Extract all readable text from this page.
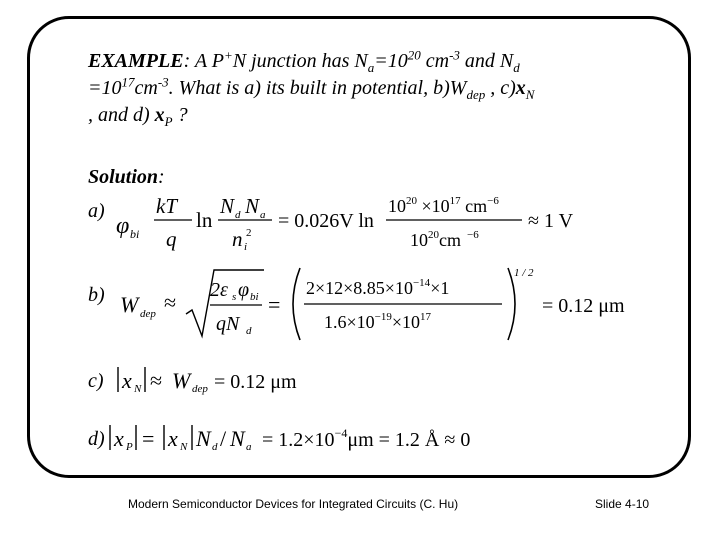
EXAMPLE: A P+N junction has $N_a=10^{20}$ $cm^{-3}$ and $N_d$
$=10^{17}cm^{-3}$. What is a) its built in potential, $b)W_{dep}$ , $c)x_N$
, and d) $x_P$ ?
Solution:
a)
b)
c)
d)
φ bi
kT
q
ln
N d N a
n i
2
= 0.026V ln
$10^{20} \times 10^{17}$ $cm^{-6}$
$10^{20}cm$ $^{-6}$
≈ 1 V
W dep ≈ 2ε s φ bi
qN d
=
$2\times 12\times 8.85\times 10^{-14}\times 1$
$1.6\times 10^{-19}\times 10^{17}$
1 / 2
= 0.12 μm
x N ≈ W dep = 0.12 μm
x P = x N N d / N $a = 1.2\times 10^{-4}\mu m = 1.2$ Å ≈ 0
Modern Semiconductor Devices for Integrated Circuits (C. Hu)	Slide 4-10
